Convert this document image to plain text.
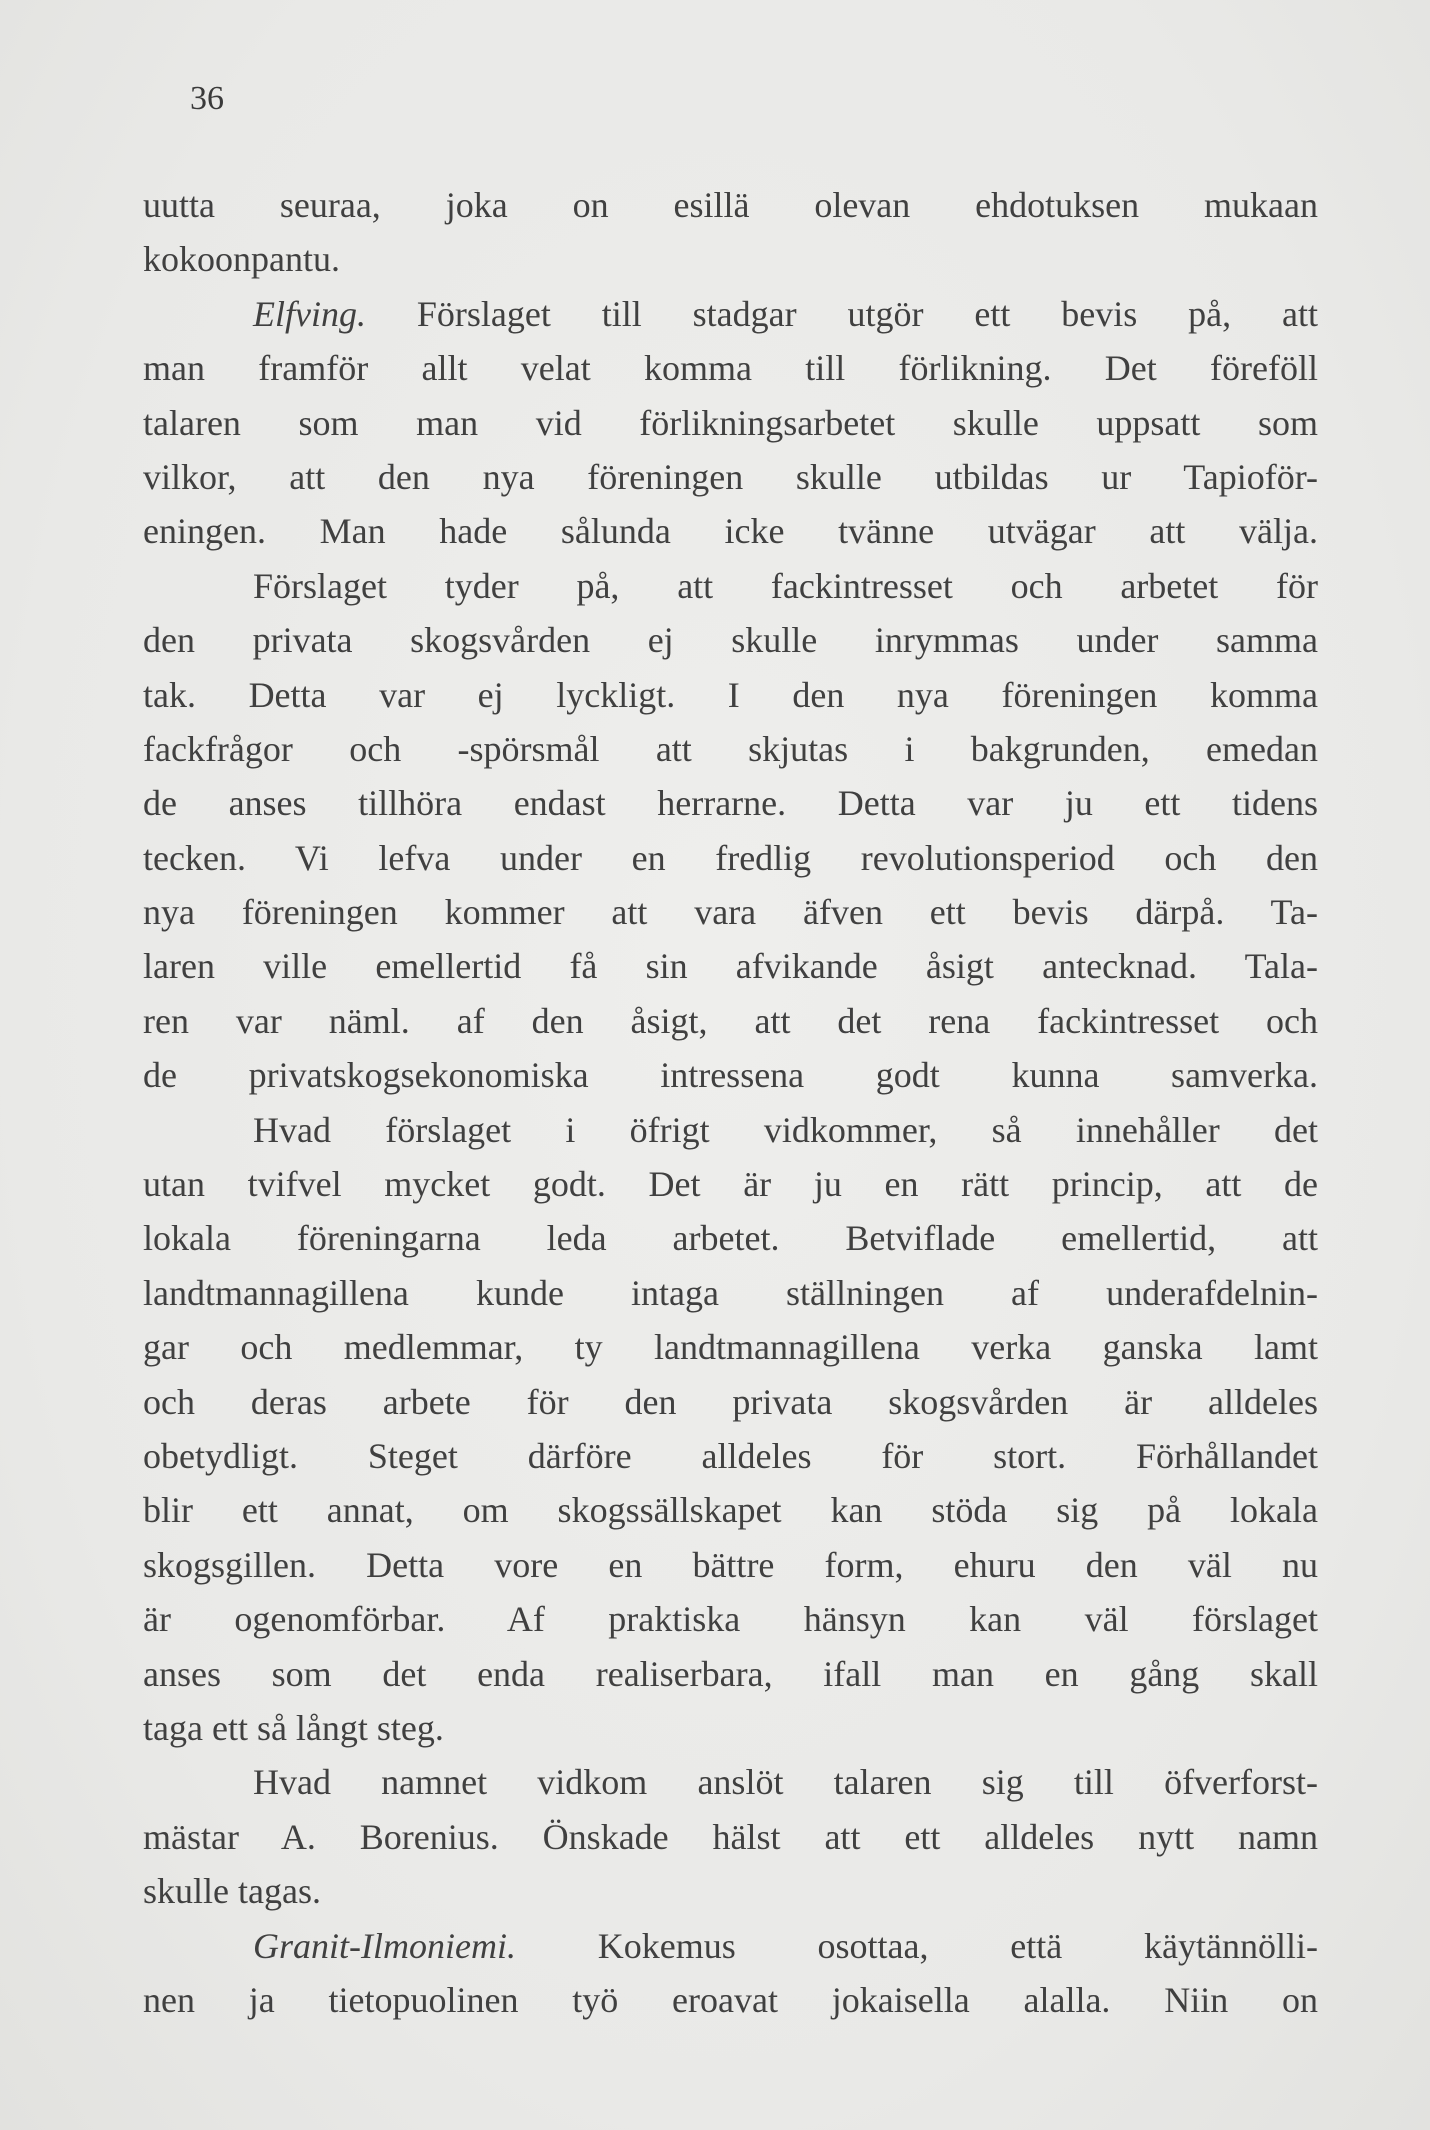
36
uutta seuraa, joka on esillä olevan ehdotuksen mukaan
kokoonpantu.
Elfving. Förslaget till stadgar utgör ett bevis på, att
man framför allt velat komma till förlikning. Det föreföll
talaren som man vid förlikningsarbetet skulle uppsatt som
vilkor, att den nya föreningen skulle utbildas ur Tapioför-
eningen. Man hade sålunda icke tvänne utvägar att välja.
Förslaget tyder på, att fackintresset och arbetet för
den privata skogsvården ej skulle inrymmas under samma
tak. Detta var ej lyckligt. I den nya föreningen komma
fackfrågor och -spörsmål att skjutas i bakgrunden, emedan
de anses tillhöra endast herrarne. Detta var ju ett tidens
tecken. Vi lefva under en fredlig revolutionsperiod och den
nya föreningen kommer att vara äfven ett bevis därpå. Ta-
laren ville emellertid få sin afvikande åsigt antecknad. Tala-
ren var näml. af den åsigt, att det rena fackintresset och
de privatskogsekonomiska intressena godt kunna samverka.
Hvad förslaget i öfrigt vidkommer, så innehåller det
utan tvifvel mycket godt. Det är ju en rätt princip, att de
lokala föreningarna leda arbetet. Betviflade emellertid, att
landtmannagillena kunde intaga ställningen af underafdelnin-
gar och medlemmar, ty landtmannagillena verka ganska lamt
och deras arbete för den privata skogsvården är alldeles
obetydligt. Steget därföre alldeles för stort. Förhållandet
blir ett annat, om skogssällskapet kan stöda sig på lokala
skogsgillen. Detta vore en bättre form, ehuru den väl nu
är ogenomförbar. Af praktiska hänsyn kan väl förslaget
anses som det enda realiserbara, ifall man en gång skall
taga ett så långt steg.
Hvad namnet vidkom anslöt talaren sig till öfverforst-
mästar A. Borenius. Önskade hälst att ett alldeles nytt namn
skulle tagas.
Granit-Ilmoniemi. Kokemus osottaa, että käytännölli-
nen ja tietopuolinen työ eroavat jokaisella alalla. Niin on
